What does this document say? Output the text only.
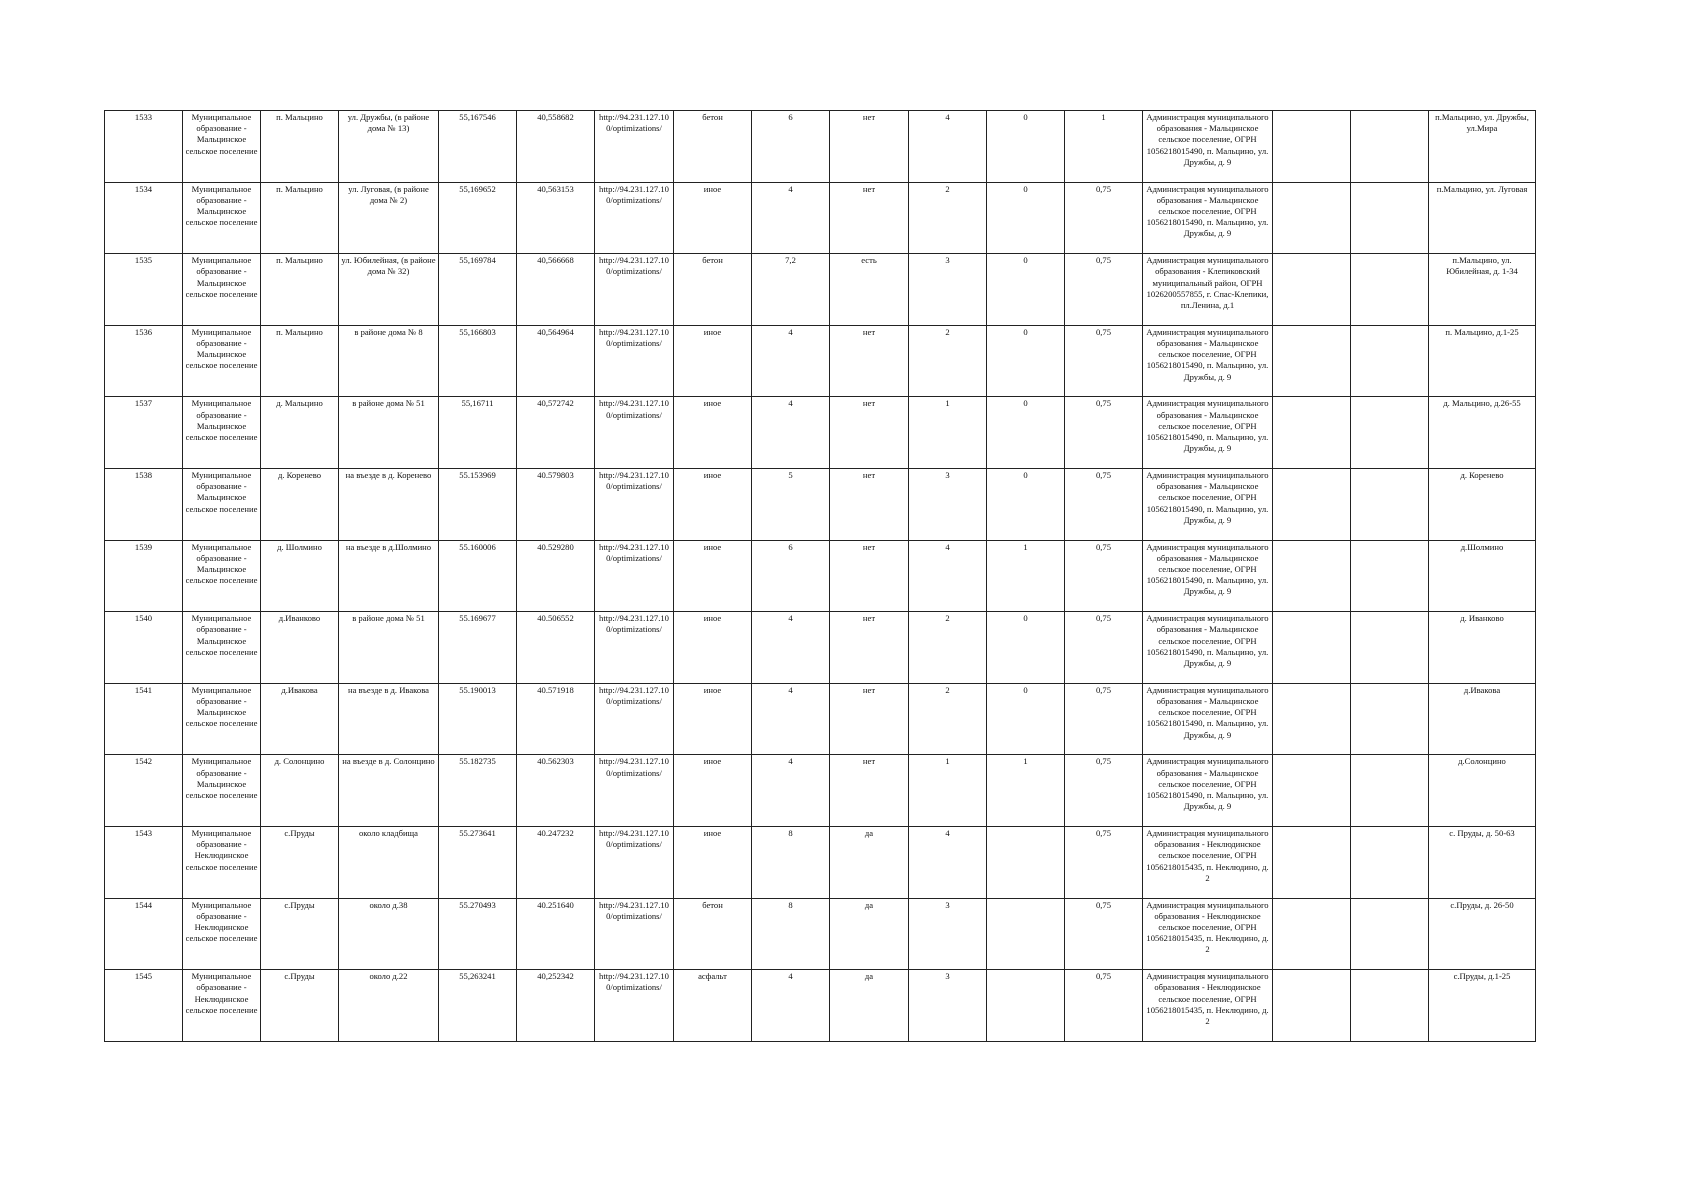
1533	Муниципальное образование - Мальцинское сельское поселение	п. Мальцино	ул. Дружбы, (в районе дома № 13)	55,167546	40,558682	http://94.231.127.100/optimizations/	бетон	6	нет	4	0	1	Администрация муниципального образования - Мальцинское сельское поселение, ОГРН 1056218015490, п. Мальцино, ул. Дружбы, д. 9			п.Мальцино, ул. Дружбы, ул.Мира
1534	Муниципальное образование - Мальцинское сельское поселение	п. Мальцино	ул. Луговая, (в районе дома № 2)	55,169652	40,563153	http://94.231.127.100/optimizations/	иное	4	нет	2	0	0,75	Администрация муниципального образования - Мальцинское сельское поселение, ОГРН 1056218015490, п. Мальцино, ул. Дружбы, д. 9			п.Мальцино, ул. Луговая
1535	Муниципальное образование - Мальцинское сельское поселение	п. Мальцино	ул. Юбилейная, (в районе дома № 32)	55,169784	40,566668	http://94.231.127.100/optimizations/	бетон	7,2	есть	3	0	0,75	Администрация муниципального образования - Клепиковский муниципальный район, ОГРН 1026200557855, г. Спас-Клепики, пл.Ленина, д.1			п.Мальцино, ул. Юбилейная, д. 1-34
1536	Муниципальное образование - Мальцинское сельское поселение	п. Мальцино	в районе дома № 8	55,166803	40,564964	http://94.231.127.100/optimizations/	иное	4	нет	2	0	0,75	Администрация муниципального образования - Мальцинское сельское поселение, ОГРН 1056218015490, п. Мальцино, ул. Дружбы, д. 9			п. Мальцино, д.1-25
1537	Муниципальное образование - Мальцинское сельское поселение	д. Мальцино	в районе дома № 51	55,16711	40,572742	http://94.231.127.100/optimizations/	иное	4	нет	1	0	0,75	Администрация муниципального образования - Мальцинское сельское поселение, ОГРН 1056218015490, п. Мальцино, ул. Дружбы, д. 9			д. Мальцино, д.26-55
1538	Муниципальное образование - Мальцинское сельское поселение	д. Коренево	на въезде в д. Коренево	55.153969	40.579803	http://94.231.127.100/optimizations/	иное	5	нет	3	0	0,75	Администрация муниципального образования - Мальцинское сельское поселение, ОГРН 1056218015490, п. Мальцино, ул. Дружбы, д. 9			д. Коренево
1539	Муниципальное образование - Мальцинское сельское поселение	д. Шолмино	на въезде в д.Шолмино	55.160006	40.529280	http://94.231.127.100/optimizations/	иное	6	нет	4	1	0,75	Администрация муниципального образования - Мальцинское сельское поселение, ОГРН 1056218015490, п. Мальцино, ул. Дружбы, д. 9			д.Шолмино
1540	Муниципальное образование - Мальцинское сельское поселение	д.Иванково	в районе дома № 51	55.169677	40.506552	http://94.231.127.100/optimizations/	иное	4	нет	2	0	0,75	Администрация муниципального образования - Мальцинское сельское поселение, ОГРН 1056218015490, п. Мальцино, ул. Дружбы, д. 9			д. Иванково
1541	Муниципальное образование - Мальцинское сельское поселение	д.Ивакова	на въезде в д. Ивакова	55.190013	40.571918	http://94.231.127.100/optimizations/	иное	4	нет	2	0	0,75	Администрация муниципального образования - Мальцинское сельское поселение, ОГРН 1056218015490, п. Мальцино, ул. Дружбы, д. 9			д.Ивакова
1542	Муниципальное образование - Мальцинское сельское поселение	д. Солонцино	на въезде в д. Солонцино	55.182735	40.562303	http://94.231.127.100/optimizations/	иное	4	нет	1	1	0,75	Администрация муниципального образования - Мальцинское сельское поселение, ОГРН 1056218015490, п. Мальцино, ул. Дружбы, д. 9			д.Солонцино
1543	Муниципальное образование - Неклюдинское сельское поселение	с.Пруды	около кладбища	55.273641	40.247232	http://94.231.127.100/optimizations/	иное	8	да	4		0,75	Администрация муниципального образования - Неклюдинское сельское поселение, ОГРН 1056218015435, п. Неклюдино, д. 2			с. Пруды, д. 50-63
1544	Муниципальное образование - Неклюдинское сельское поселение	с.Пруды	около д.38	55.270493	40.251640	http://94.231.127.100/optimizations/	бетон	8	да	3		0,75	Администрация муниципального образования - Неклюдинское сельское поселение, ОГРН 1056218015435, п. Неклюдино, д. 2			с.Пруды, д. 26-50
1545	Муниципальное образование - Неклюдинское сельское поселение	с.Пруды	около д.22	55,263241	40,252342	http://94.231.127.100/optimizations/	асфальт	4	да	3		0,75	Администрация муниципального образования - Неклюдинское сельское поселение, ОГРН 1056218015435, п. Неклюдино, д. 2			с.Пруды, д.1-25
